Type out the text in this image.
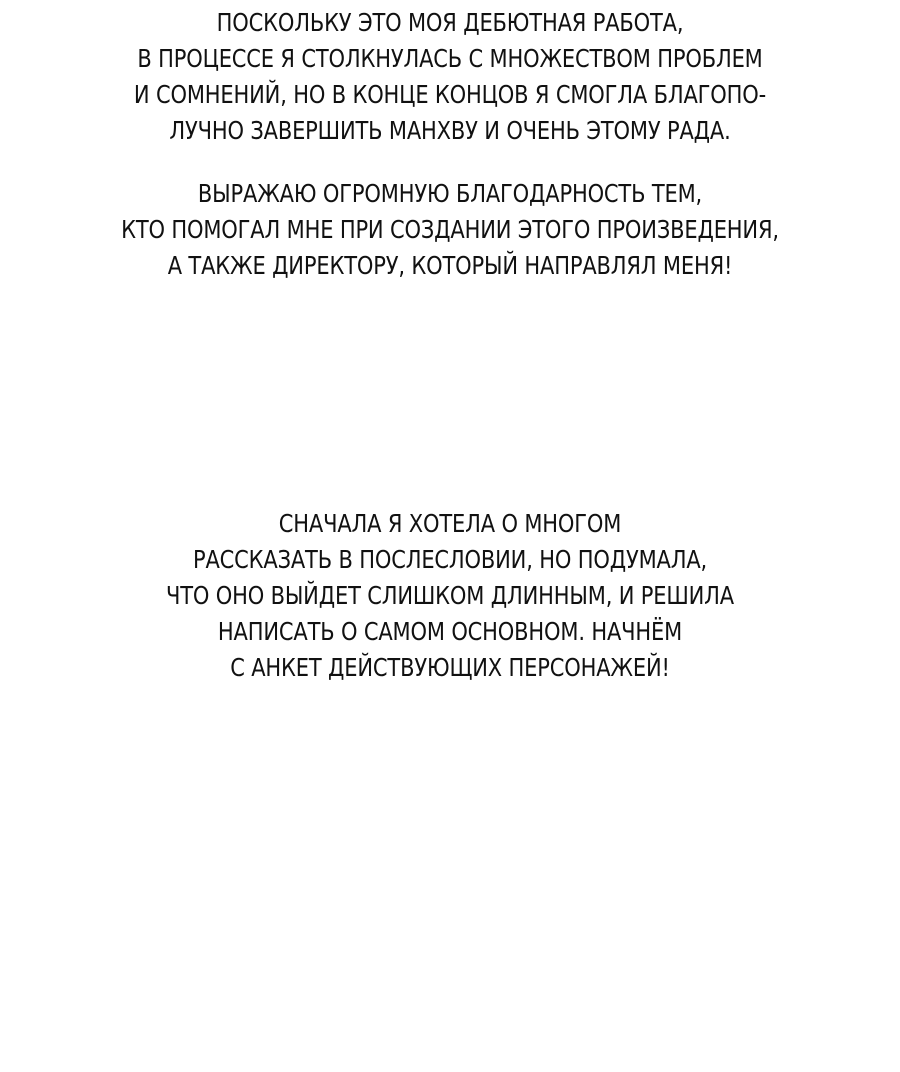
ПОСКОЛЬКУ ЭТО МОЯ ДЕБЮТНАЯ РАБОТА,
В ПРОЦЕССЕ Я СТОЛКНУЛАСЬ С МНОЖЕСТВОМ ПРОБЛЕМ
И СОМНЕНИЙ, НО В КОНЦЕ КОНЦОВ Я СМОГЛА БЛАГОПО-
ЛУЧНО ЗАВЕРШИТЬ МАНХВУ И ОЧЕНЬ ЭТОМУ РАДА.
ВЫРАЖАЮ ОГРОМНУЮ БЛАГОДАРНОСТЬ ТЕМ,
КТО ПОМОГАЛ МНЕ ПРИ СОЗДАНИИ ЭТОГО ПРОИЗВЕДЕНИЯ,
А ТАКЖЕ ДИРЕКТОРУ, КОТОРЫЙ НАПРАВЛЯЛ МЕНЯ!
СНАЧАЛА Я ХОТЕЛА О МНОГОМ
РАССКАЗАТЬ В ПОСЛЕСЛОВИИ, НО ПОДУМАЛА,
ЧТО ОНО ВЫЙДЕТ СЛИШКОМ ДЛИННЫМ, И РЕШИЛА
НАПИСАТЬ О САМОМ ОСНОВНОМ. НАЧНЁМ
С АНКЕТ ДЕЙСТВУЮЩИХ ПЕРСОНАЖЕЙ!
